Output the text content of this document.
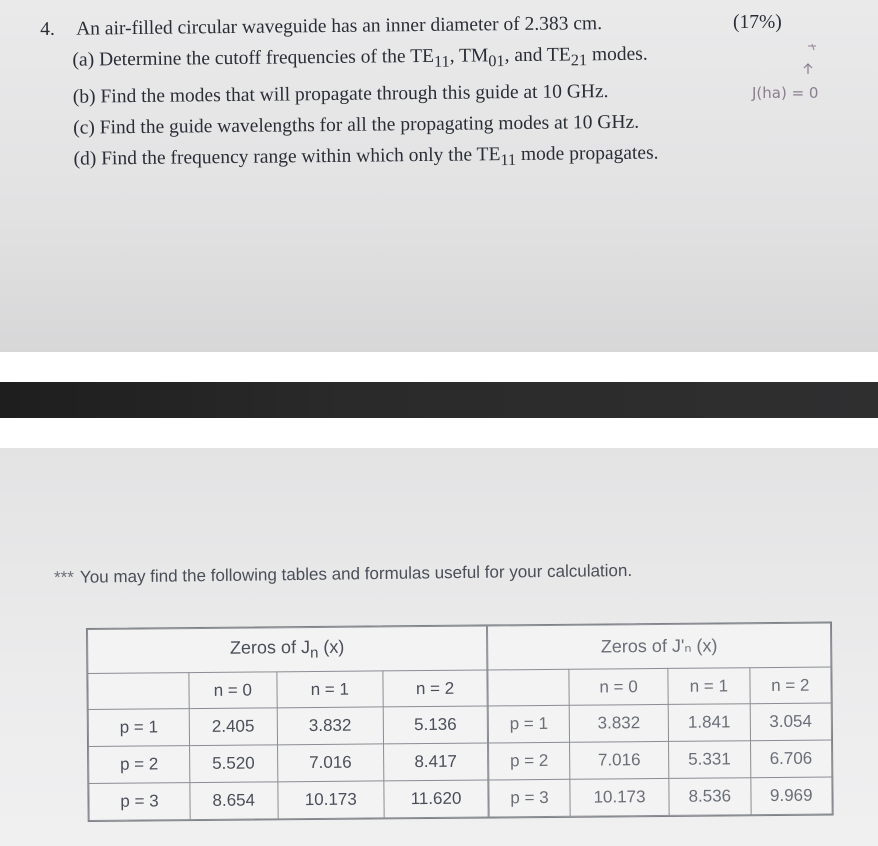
4. An air-filled circular waveguide has an inner diameter of 2.383 cm.
(a) Determine the cutoff frequencies of the $TE_{11}$, $TM_{01}$, and $TE_{21}$ modes.
(b) Find the modes that will propagate through this guide at 10 GHz.
(c) Find the guide wavelengths for all the propagating modes at 10 GHz.
(d) Find the frequency range within which only the $TE_{11}$ mode propagates.
(17%)
J(ha) = 0
*** You may find the following tables and formulas useful for your calculation.
Zeros of $J_n$ (x)			
	n = 0	n = 1	n = 2
p = 1	2.405	3.832	5.136
p = 2	5.520	7.016	8.417
p = 3	8.654	10.173	11.620
Zeros of J'ₙ (x)			
	n = 0	n = 1	n = 2
p = 1	3.832	1.841	3.054
p = 2	7.016	5.331	6.706
p = 3	10.173	8.536	9.969
